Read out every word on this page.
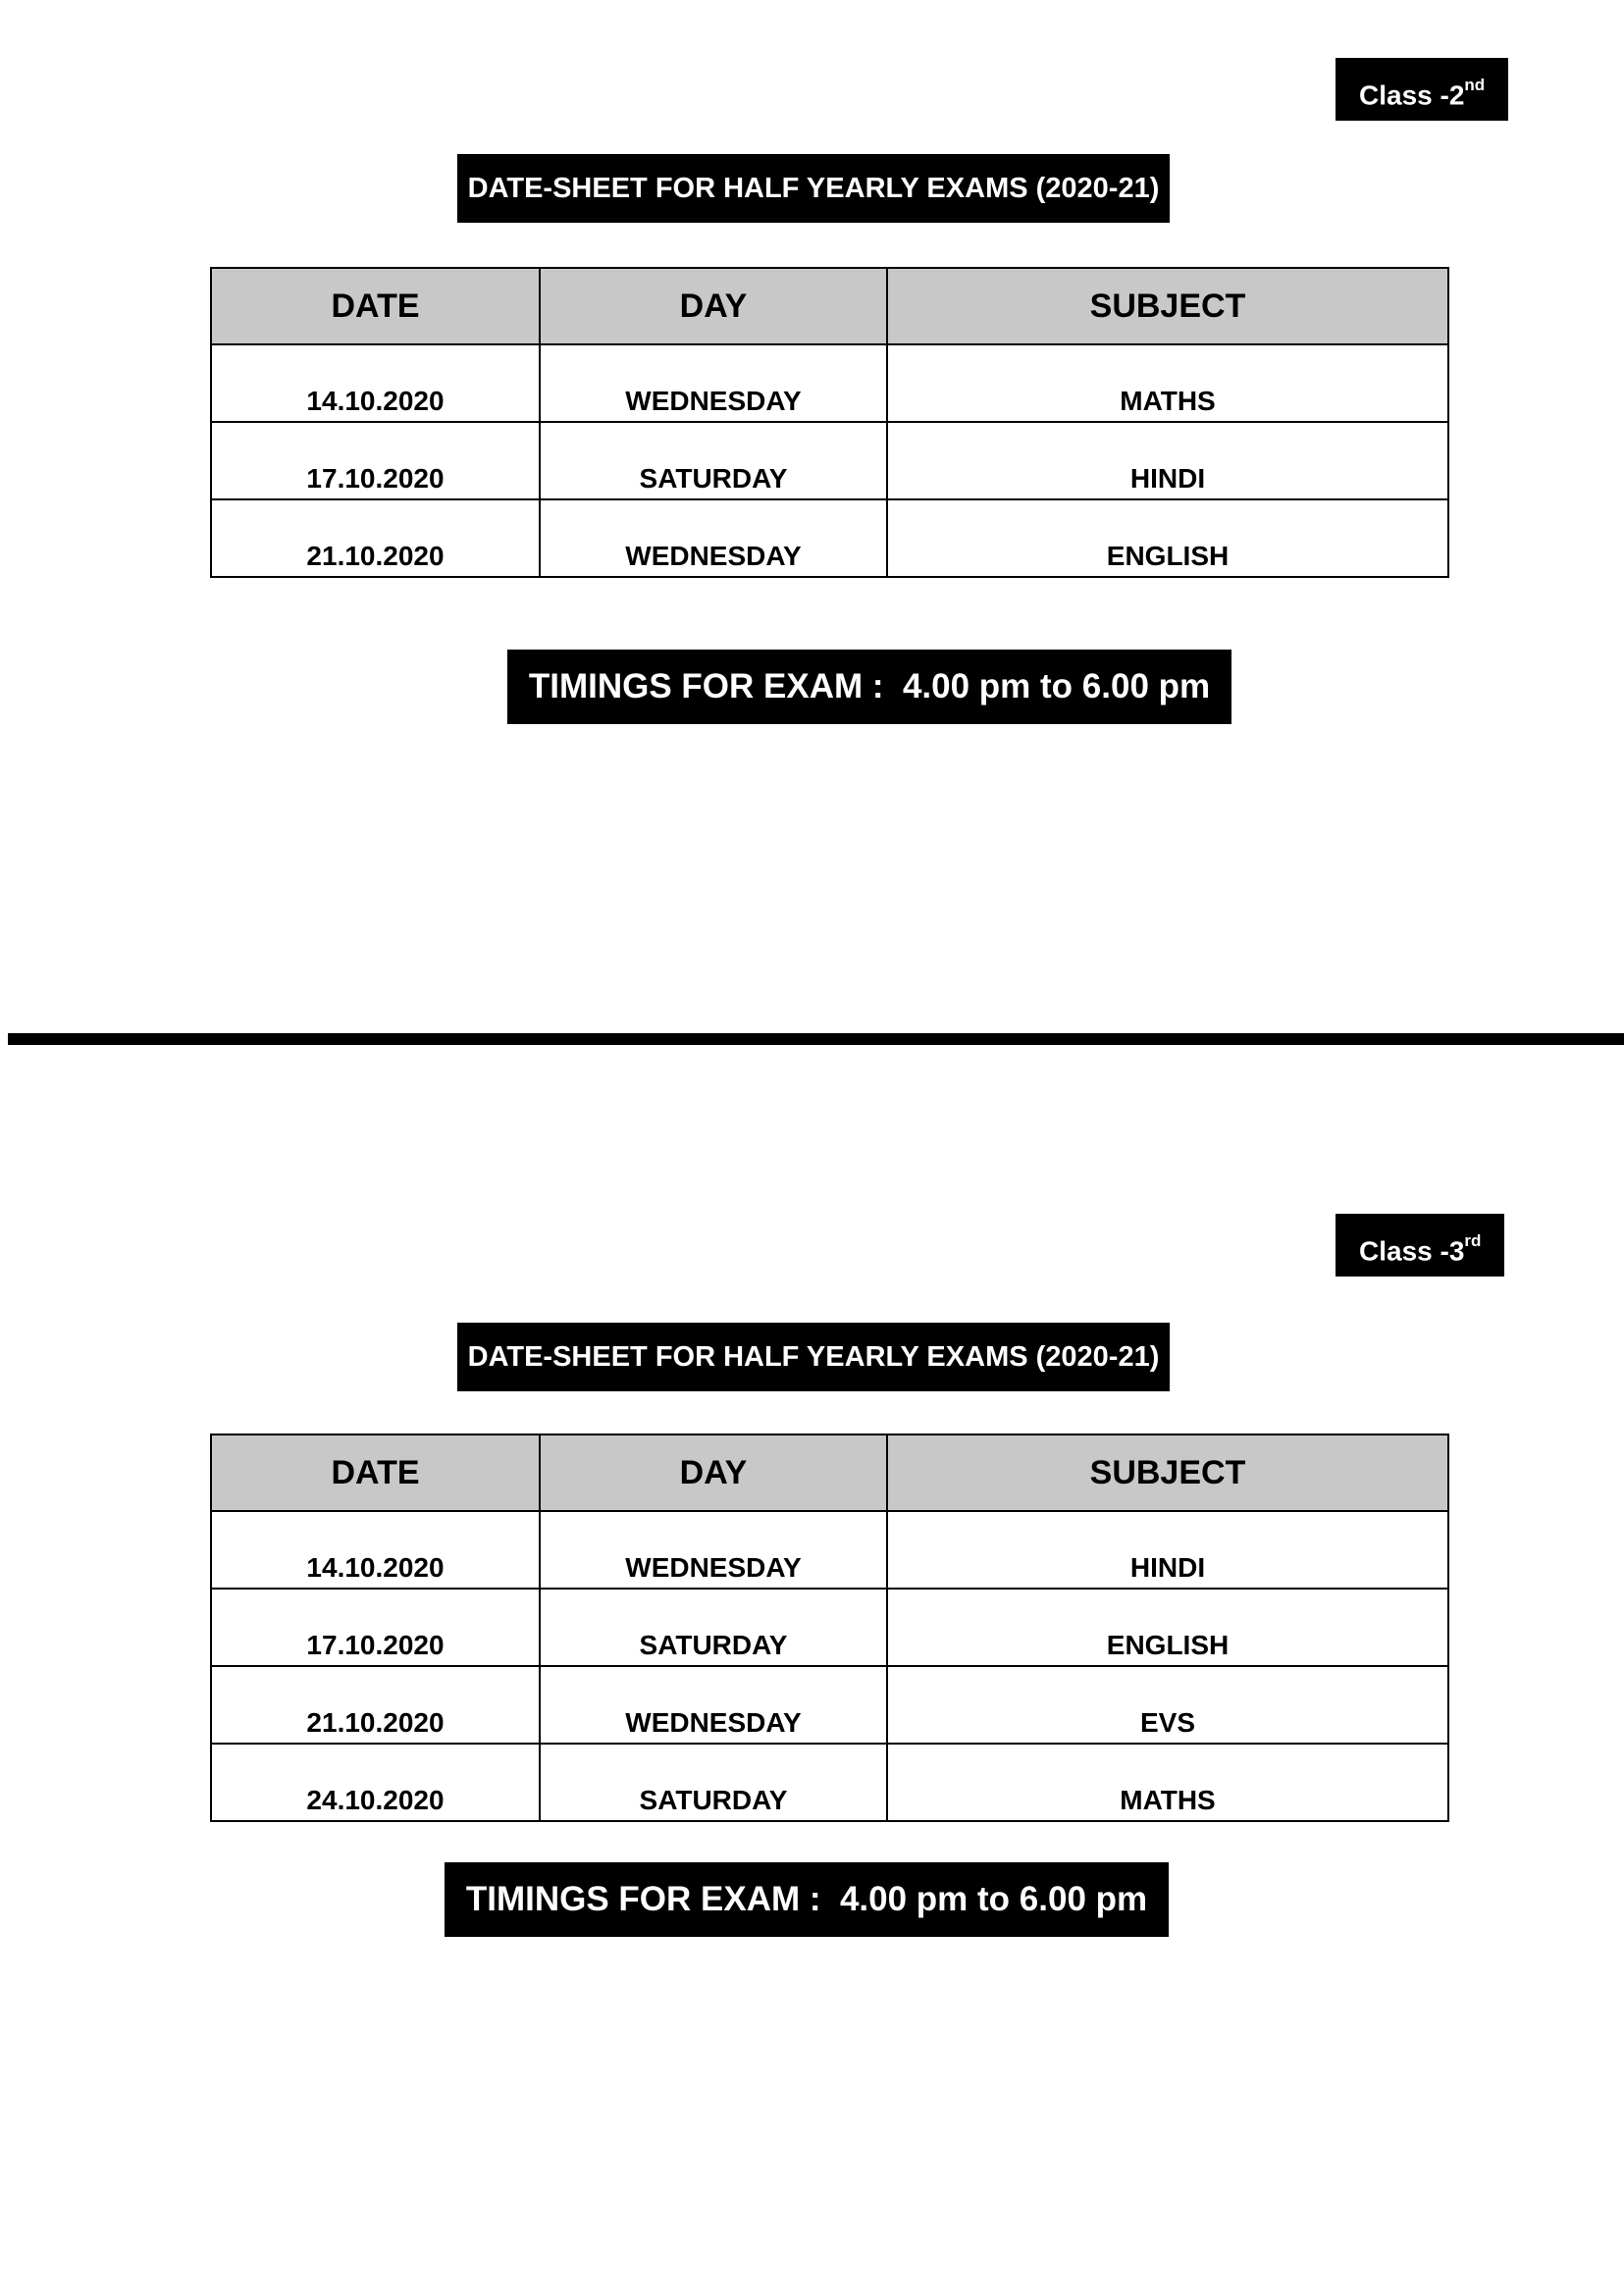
Class -2nd
DATE-SHEET FOR HALF YEARLY EXAMS (2020-21)
DATE	DAY	SUBJECT
14.10.2020	WEDNESDAY	MATHS
17.10.2020	SATURDAY	HINDI
21.10.2020	WEDNESDAY	ENGLISH
TIMINGS FOR EXAM :  4.00 pm to 6.00 pm
Class -3rd
DATE-SHEET FOR HALF YEARLY EXAMS (2020-21)
DATE	DAY	SUBJECT
14.10.2020	WEDNESDAY	HINDI
17.10.2020	SATURDAY	ENGLISH
21.10.2020	WEDNESDAY	EVS
24.10.2020	SATURDAY	MATHS
TIMINGS FOR EXAM :  4.00 pm to 6.00 pm
